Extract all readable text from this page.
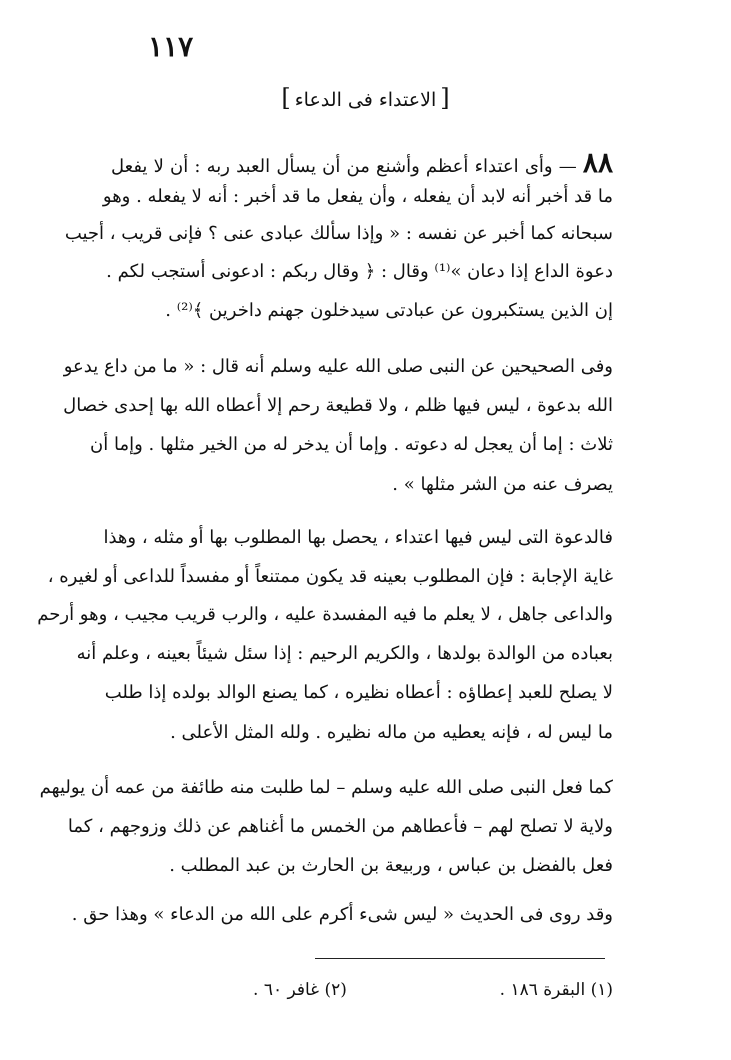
١١٧
[الاعتداء فى الدعاء]
٨٨ — وأى اعتداء أعظم وأشنع من أن يسأل العبد ربه : أن لا يفعل
ما قد أخبر أنه لابد أن يفعله ، وأن يفعل ما قد أخبر : أنه لا يفعله . وهو
سبحانه كما أخبر عن نفسه : « وإذا سألك عبادى عنى ؟ فإنى قريب ، أجيب
دعوة الداع إذا دعان »⁽¹⁾ وقال : ﴿ وقال ربكم : ادعونى أستجب لكم .
إن الذين يستكبرون عن عبادتى سيدخلون جهنم داخرين ﴾⁽²⁾ .
وفى الصحيحين عن النبى صلى الله عليه وسلم أنه قال : « ما من داع يدعو
الله بدعوة ، ليس فيها ظلم ، ولا قطيعة رحم إلا أعطاه الله بها إحدى خصال
ثلاث : إما أن يعجل له دعوته . وإما أن يدخر له من الخير مثلها . وإما أن
يصرف عنه من الشر مثلها » .
فالدعوة التى ليس فيها اعتداء ، يحصل بها المطلوب بها أو مثله ، وهذا
غاية الإجابة : فإن المطلوب بعينه قد يكون ممتنعاً أو مفسداً للداعى أو لغيره ،
والداعى جاهل ، لا يعلم ما فيه المفسدة عليه ، والرب قريب مجيب ، وهو أرحم
بعباده من الوالدة بولدها ، والكريم الرحيم : إذا سئل شيئاً بعينه ، وعلم أنه
لا يصلح للعبد إعطاؤه : أعطاه نظيره ، كما يصنع الوالد بولده إذا طلب
ما ليس له ، فإنه يعطيه من ماله نظيره . ولله المثل الأعلى .
كما فعل النبى صلى الله عليه وسلم – لما طلبت منه طائفة من عمه أن يوليهم
ولاية لا تصلح لهم – فأعطاهم من الخمس ما أغناهم عن ذلك وزوجهم ، كما
فعل بالفضل بن عباس ، وربيعة بن الحارث بن عبد المطلب .
وقد روى فى الحديث « ليس شىء أكرم على الله من الدعاء » وهذا حق .
(١) البقرة ١٨٦ .
(٢) غافر ٦٠ .
